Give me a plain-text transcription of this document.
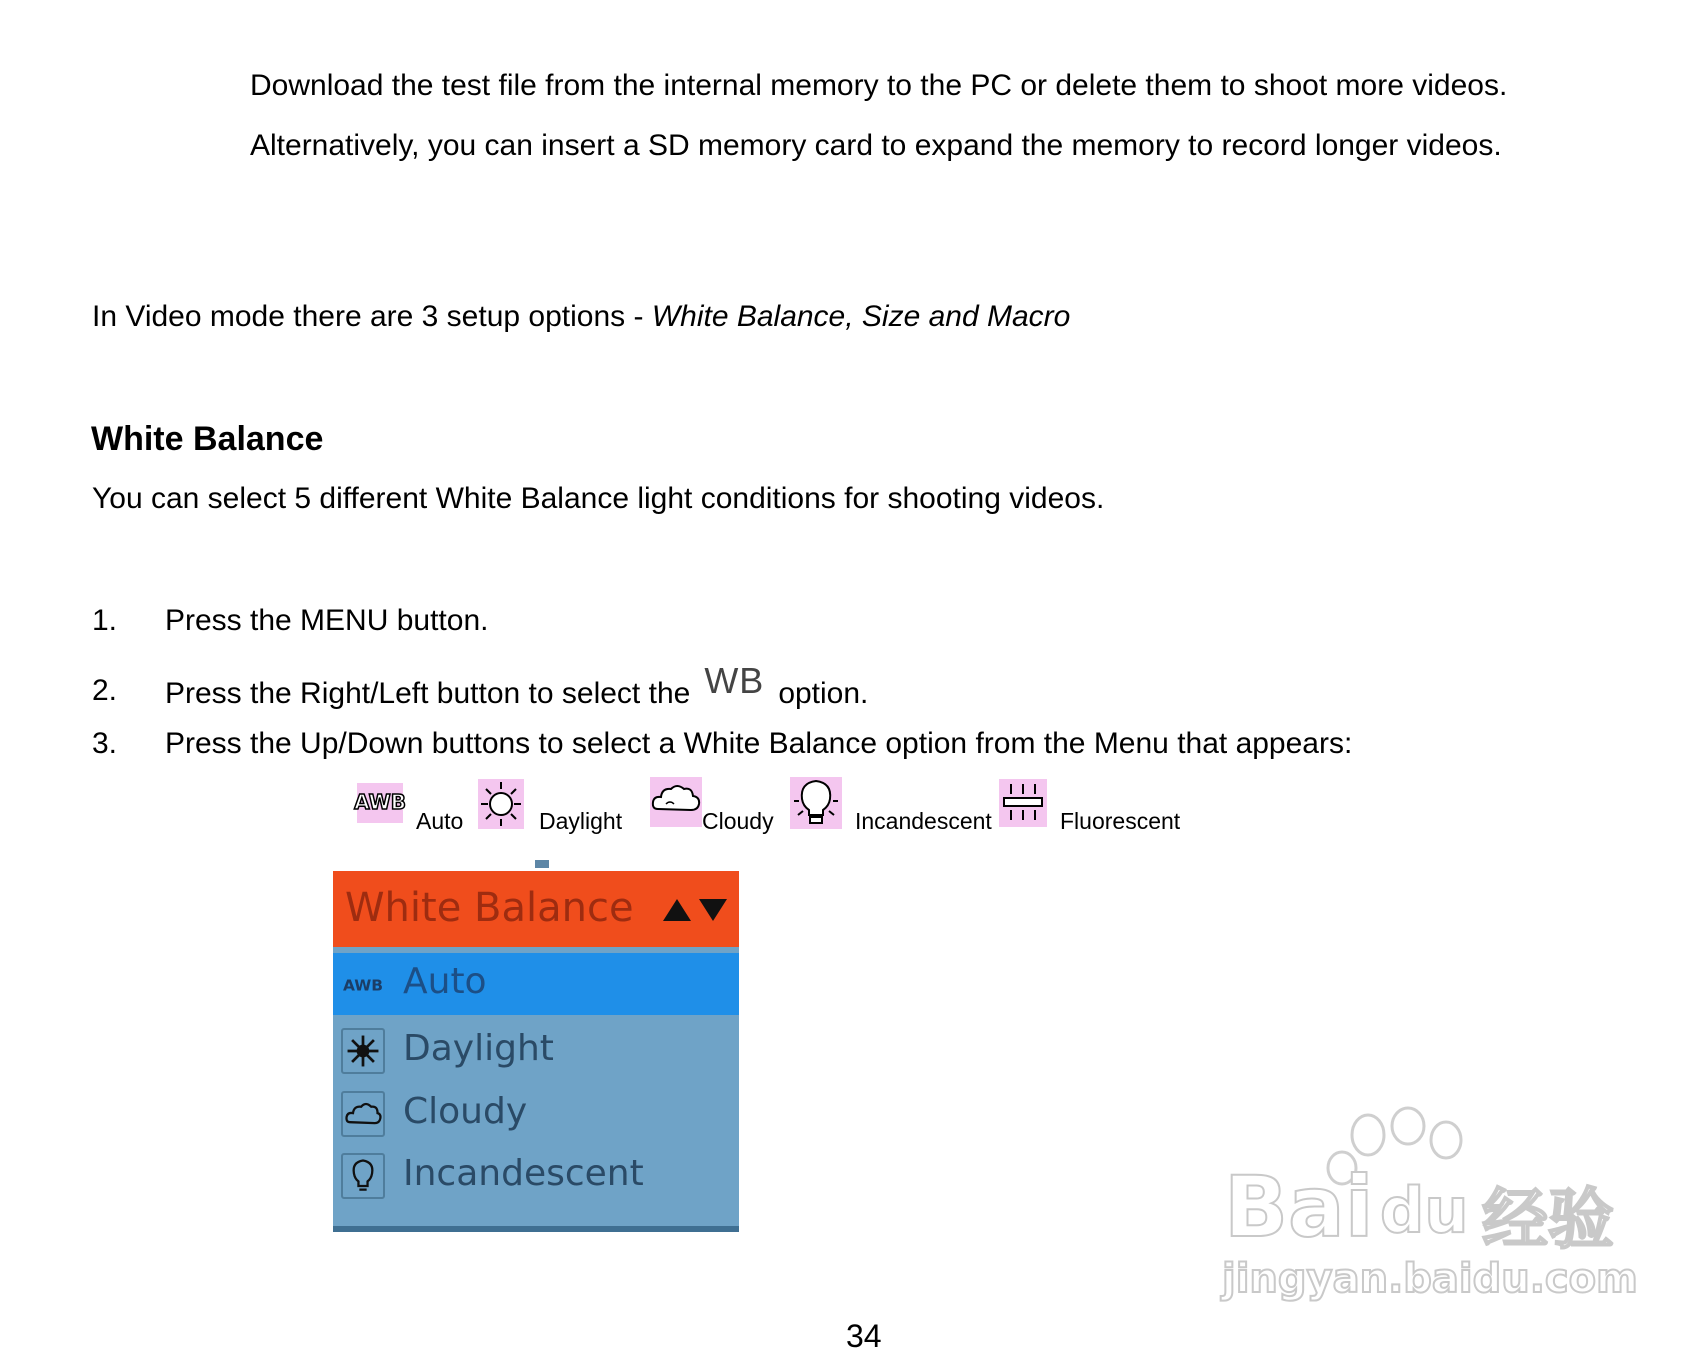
Download the test file from the internal memory to the PC or delete them to shoot more videos.
Alternatively, you can insert a SD memory card to expand the memory to record longer videos.
In Video mode there are 3 setup options - White Balance, Size and Macro
White Balance
You can select 5 different White Balance light conditions for shooting videos.
1. Press the MENU button.
2. Press the Right/Left button to select the WB option.
3. Press the Up/Down buttons to select a White Balance option from the Menu that appears:
AWB
Auto	Daylight	Cloudy	Incandescent	Fluorescent
White Balance
AWB Auto
Daylight
Cloudy
Incandescent	Bai du 经验
jingyan.baidu.com
34
